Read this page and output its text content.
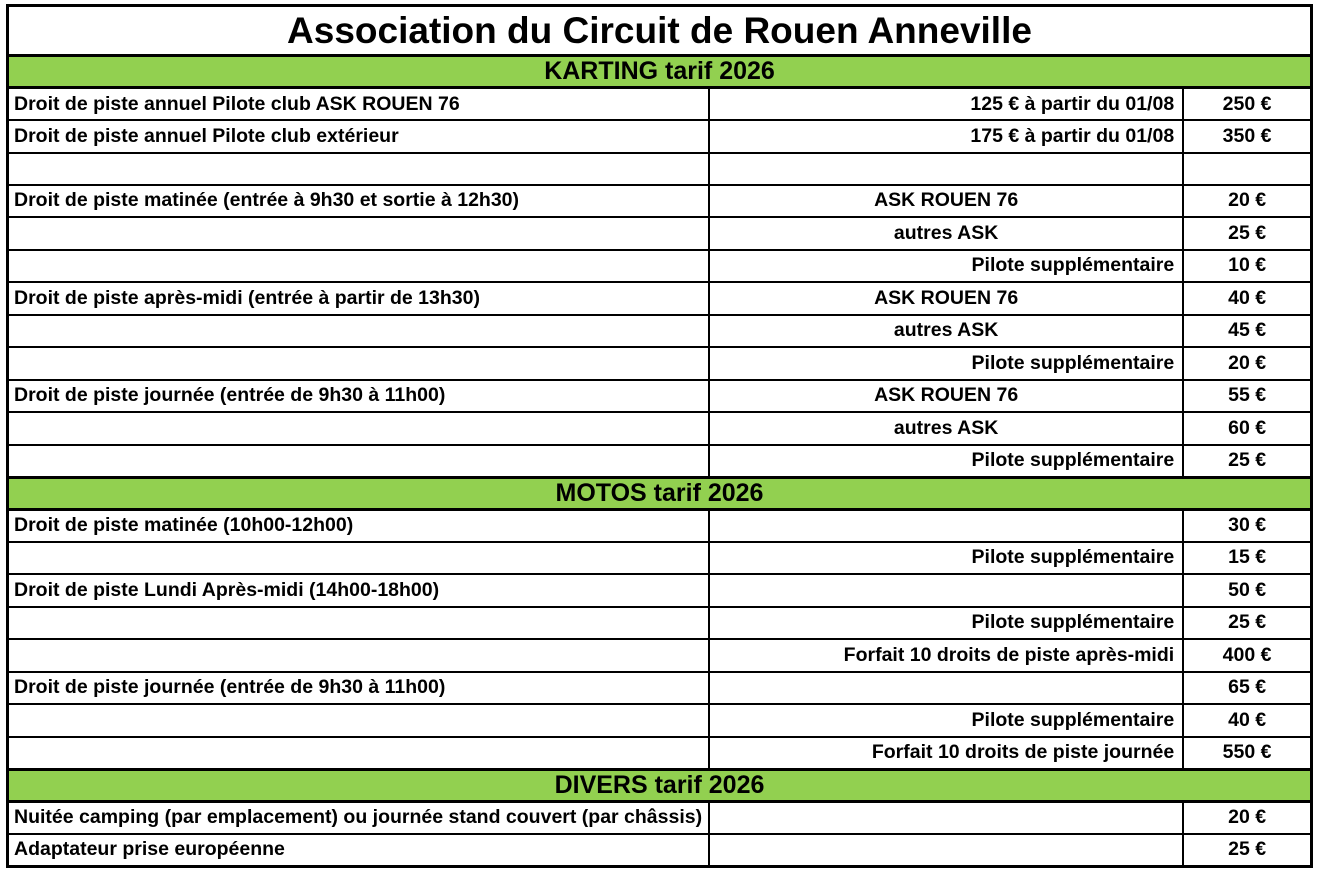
Association du Circuit de Rouen Anneville		
KARTING tarif 2026		
Droit de piste annuel Pilote club ASK ROUEN 76	125 € à partir du 01/08	250 €
Droit de piste annuel Pilote club extérieur	175 € à partir du 01/08	350 €

Droit de piste matinée (entrée à 9h30 et sortie à 12h30)	ASK ROUEN 76	20 €
	autres ASK	25 €
	Pilote supplémentaire	10 €
Droit de piste après-midi (entrée à partir de 13h30)	ASK ROUEN 76	40 €
	autres ASK	45 €
	Pilote supplémentaire	20 €
Droit de piste journée (entrée de 9h30 à 11h00)	ASK ROUEN 76	55 €
	autres ASK	60 €
	Pilote supplémentaire	25 €
MOTOS tarif 2026		
Droit de piste matinée (10h00-12h00)		30 €
	Pilote supplémentaire	15 €
Droit de piste Lundi Après-midi (14h00-18h00)		50 €
	Pilote supplémentaire	25 €
	Forfait 10 droits de piste après-midi	400 €
Droit de piste journée (entrée de 9h30 à 11h00)		65 €
	Pilote supplémentaire	40 €
	Forfait 10 droits de piste journée	550 €
DIVERS tarif 2026		
Nuitée camping (par emplacement) ou journée stand couvert (par châssis)		20 €
Adaptateur prise européenne		25 €
